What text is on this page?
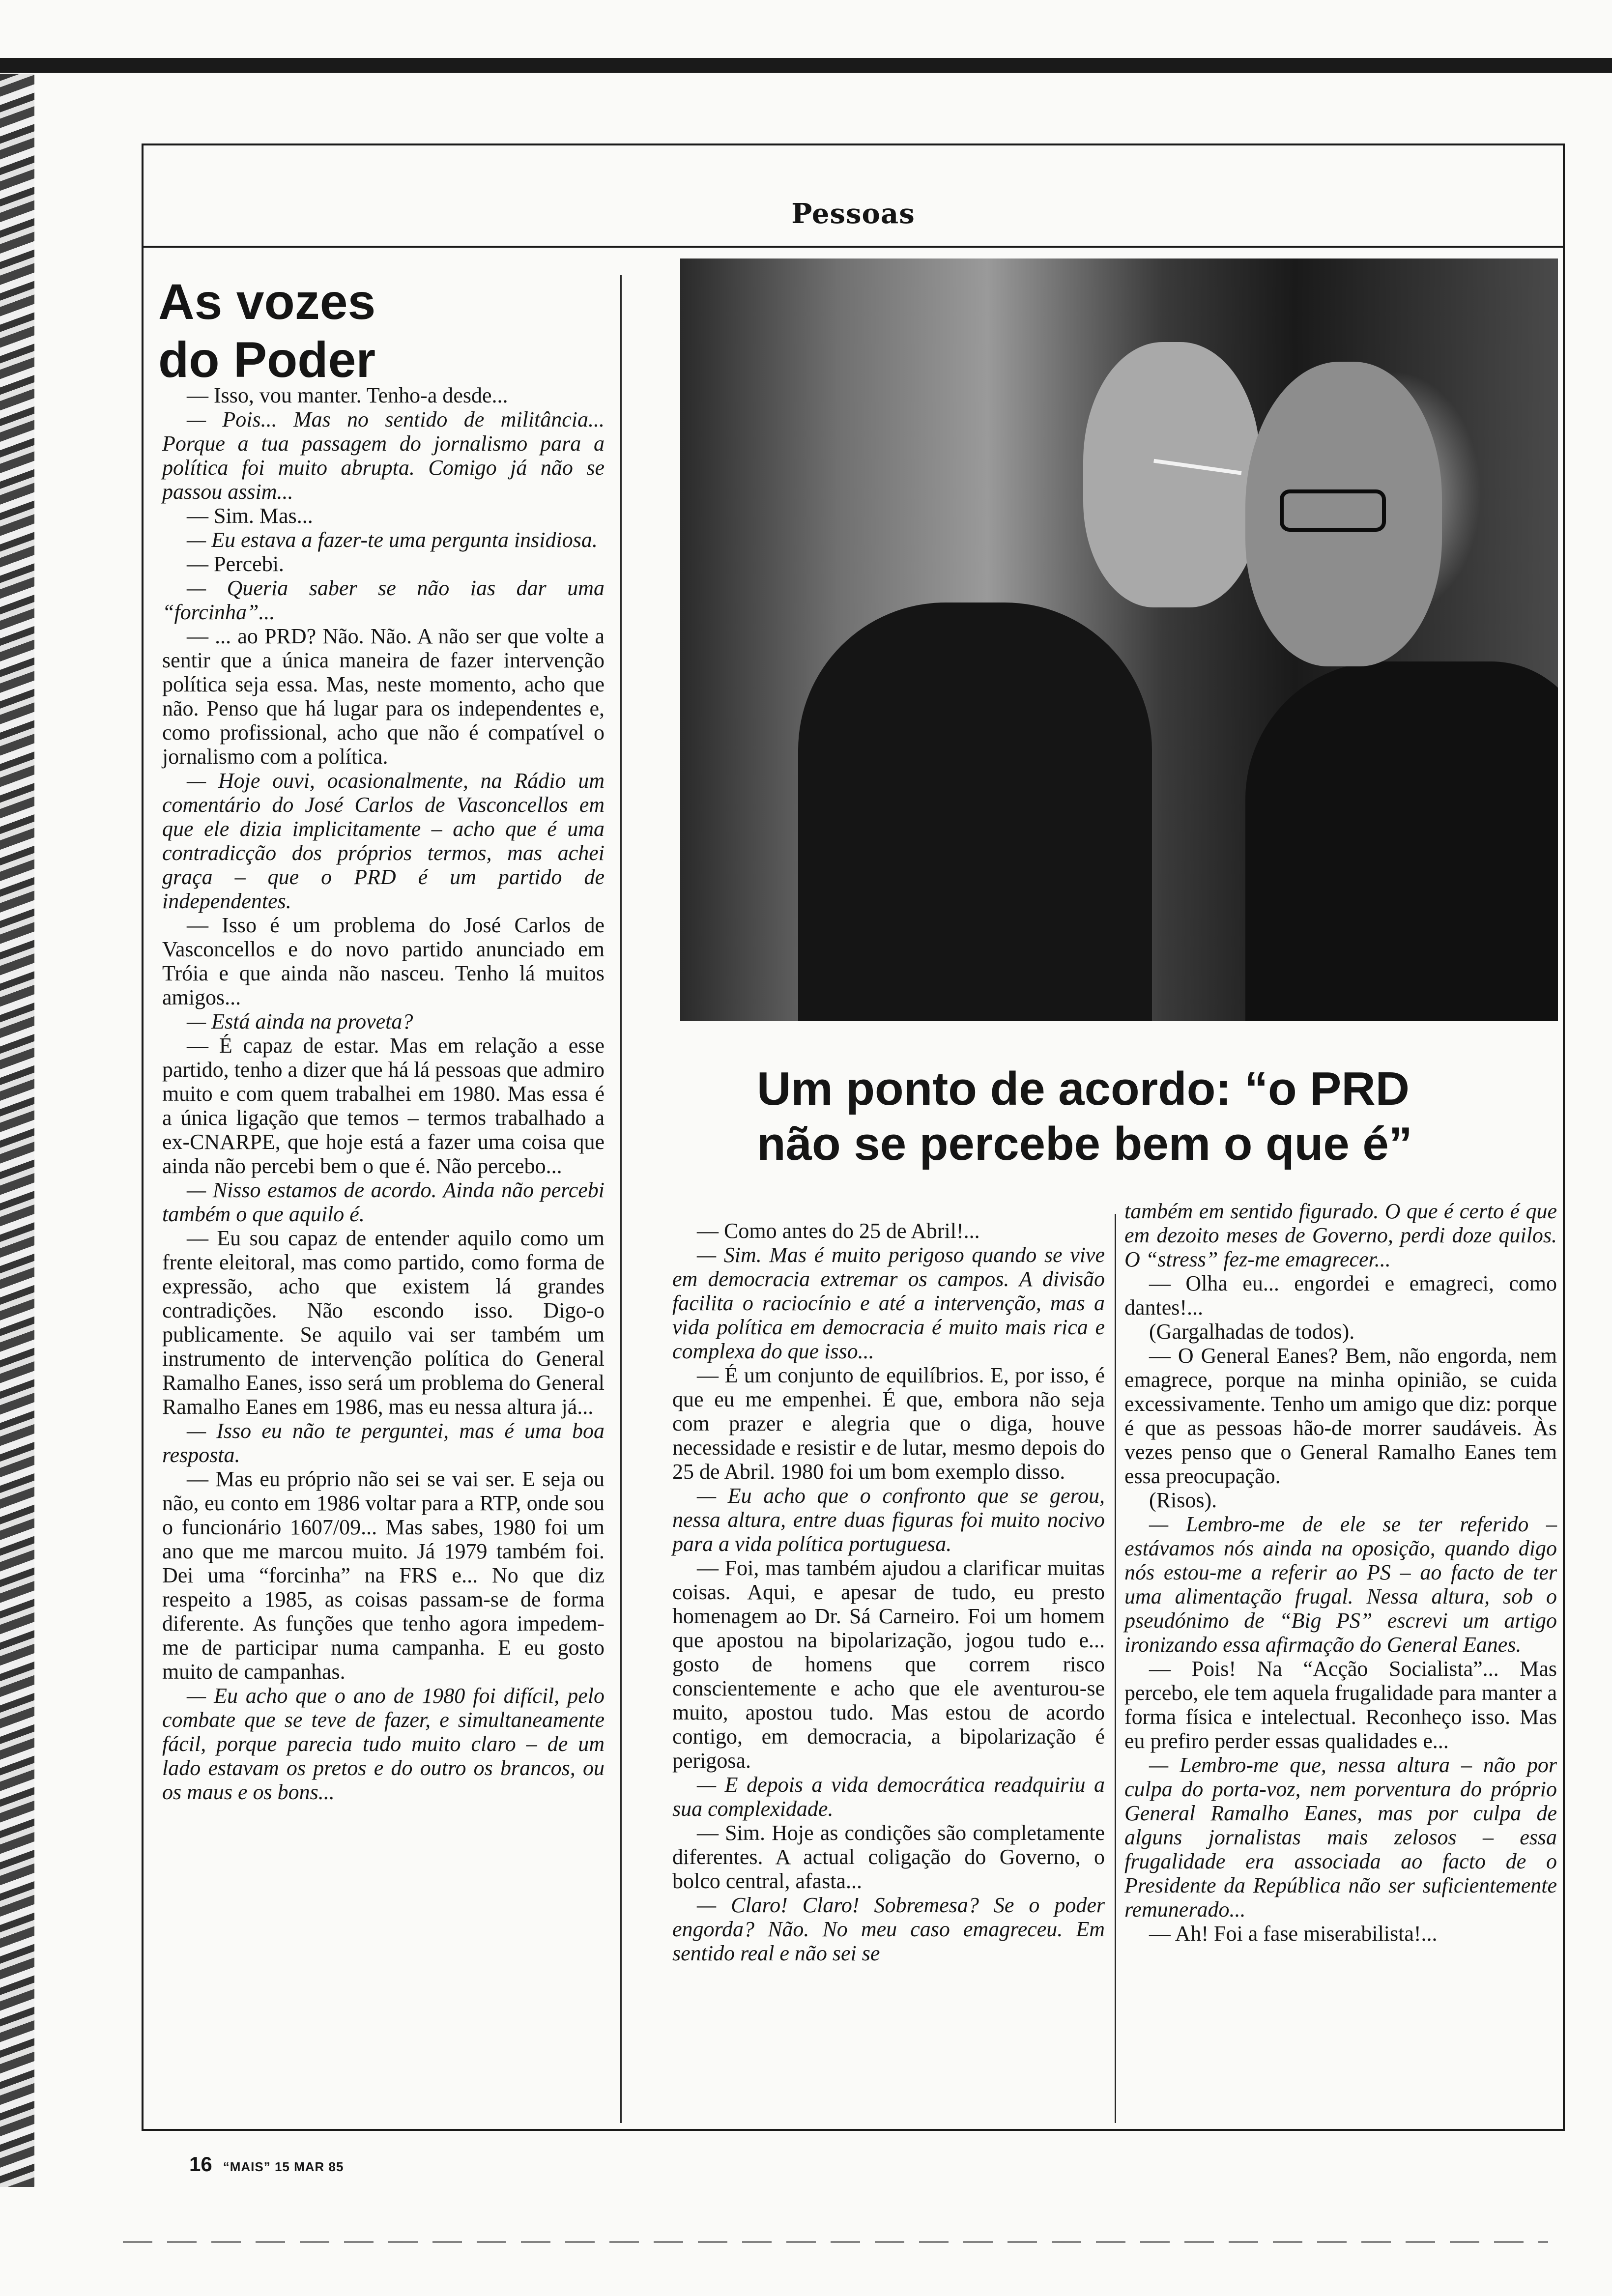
Pessoas
As vozes
do Poder

— Isso, vou manter. Tenho-a desde...

— Pois... Mas no sentido de militância... Porque a tua passagem do jornalismo para a política foi muito abrupta. Comigo já não se passou assim...

— Sim. Mas...

— Eu estava a fazer-te uma pergunta insidiosa.

— Percebi.

— Queria saber se não ias dar uma “forcinha”...

— ... ao PRD? Não. Não. A não ser que volte a sentir que a única maneira de fazer intervenção política seja essa. Mas, neste momento, acho que não. Penso que há lugar para os independentes e, como profissional, acho que não é compatível o jornalismo com a política.

— Hoje ouvi, ocasionalmente, na Rádio um comentário do José Carlos de Vasconcellos em que ele dizia implicitamente – acho que é uma contradicção dos próprios termos, mas achei graça – que o PRD é um partido de independentes.

— Isso é um problema do José Carlos de Vasconcellos e do novo partido anunciado em Tróia e que ainda não nasceu. Tenho lá muitos amigos...

— Está ainda na proveta?

— É capaz de estar. Mas em relação a esse partido, tenho a dizer que há lá pessoas que admiro muito e com quem trabalhei em 1980. Mas essa é a única ligação que temos – termos trabalhado a ex-CNARPE, que hoje está a fazer uma coisa que ainda não percebi bem o que é. Não percebo...

— Nisso estamos de acordo. Ainda não percebi também o que aquilo é.

— Eu sou capaz de entender aquilo como um frente eleitoral, mas como partido, como forma de expressão, acho que existem lá grandes contradições. Não escondo isso. Digo-o publicamente. Se aquilo vai ser também um instrumento de intervenção política do General Ramalho Eanes, isso será um problema do General Ramalho Eanes em 1986, mas eu nessa altura já...

— Isso eu não te perguntei, mas é uma boa resposta.

— Mas eu próprio não sei se vai ser. E seja ou não, eu conto em 1986 voltar para a RTP, onde sou o funcionário 1607/09... Mas sabes, 1980 foi um ano que me marcou muito. Já 1979 também foi. Dei uma “forcinha” na FRS e... No que diz respeito a 1985, as coisas passam-se de forma diferente. As funções que tenho agora impedem-me de participar numa campanha. E eu gosto muito de campanhas.

— Eu acho que o ano de 1980 foi difícil, pelo combate que se teve de fazer, e simultaneamente fácil, porque parecia tudo muito claro – de um lado estavam os pretos e do outro os brancos, ou os maus e os bons...

Um ponto de acordo: “o PRD
não se percebe bem o que é”

— Como antes do 25 de Abril!...

— Sim. Mas é muito perigoso quando se vive em democracia extremar os campos. A divisão facilita o raciocínio e até a intervenção, mas a vida política em democracia é muito mais rica e complexa do que isso...

— É um conjunto de equilíbrios. E, por isso, é que eu me empenhei. É que, embora não seja com prazer e alegria que o diga, houve necessidade e resistir e de lutar, mesmo depois do 25 de Abril. 1980 foi um bom exemplo disso.

— Eu acho que o confronto que se gerou, nessa altura, entre duas figuras foi muito nocivo para a vida política portuguesa.

— Foi, mas também ajudou a clarificar muitas coisas. Aqui, e apesar de tudo, eu presto homenagem ao Dr. Sá Carneiro. Foi um homem que apostou na bipolarização, jogou tudo e... gosto de homens que correm risco conscientemente e acho que ele aventurou-se muito, apostou tudo. Mas estou de acordo contigo, em democracia, a bipolarização é perigosa.

— E depois a vida democrática readquiriu a sua complexidade.

— Sim. Hoje as condições são completamente diferentes. A actual coligação do Governo, o bolco central, afasta...

— Claro! Claro! Sobremesa? Se o poder engorda? Não. No meu caso emagreceu. Em sentido real e não sei se

também em sentido figurado. O que é certo é que em dezoito meses de Governo, perdi doze quilos. O “stress” fez-me emagrecer...

— Olha eu... engordei e emagreci, como dantes!...

(Gargalhadas de todos).

— O General Eanes? Bem, não engorda, nem emagrece, porque na minha opinião, se cuida excessivamente. Tenho um amigo que diz: porque é que as pessoas hão-de morrer saudáveis. Às vezes penso que o General Ramalho Eanes tem essa preocupação.

(Risos).

— Lembro-me de ele se ter referido – estávamos nós ainda na oposição, quando digo nós estou-me a referir ao PS – ao facto de ter uma alimentação frugal. Nessa altura, sob o pseudónimo de “Big PS” escrevi um artigo ironizando essa afirmação do General Eanes.

— Pois! Na “Acção Socialista”... Mas percebo, ele tem aquela frugalidade para manter a forma física e intelectual. Reconheço isso. Mas eu prefiro perder essas qualidades e...

— Lembro-me que, nessa altura – não por culpa do porta-voz, nem porventura do próprio General Ramalho Eanes, mas por culpa de alguns jornalistas mais zelosos – essa frugalidade era associada ao facto de o Presidente da República não ser suficientemente remunerado...

— Ah! Foi a fase miserabilista!...

16 “MAIS” 15 MAR 85
